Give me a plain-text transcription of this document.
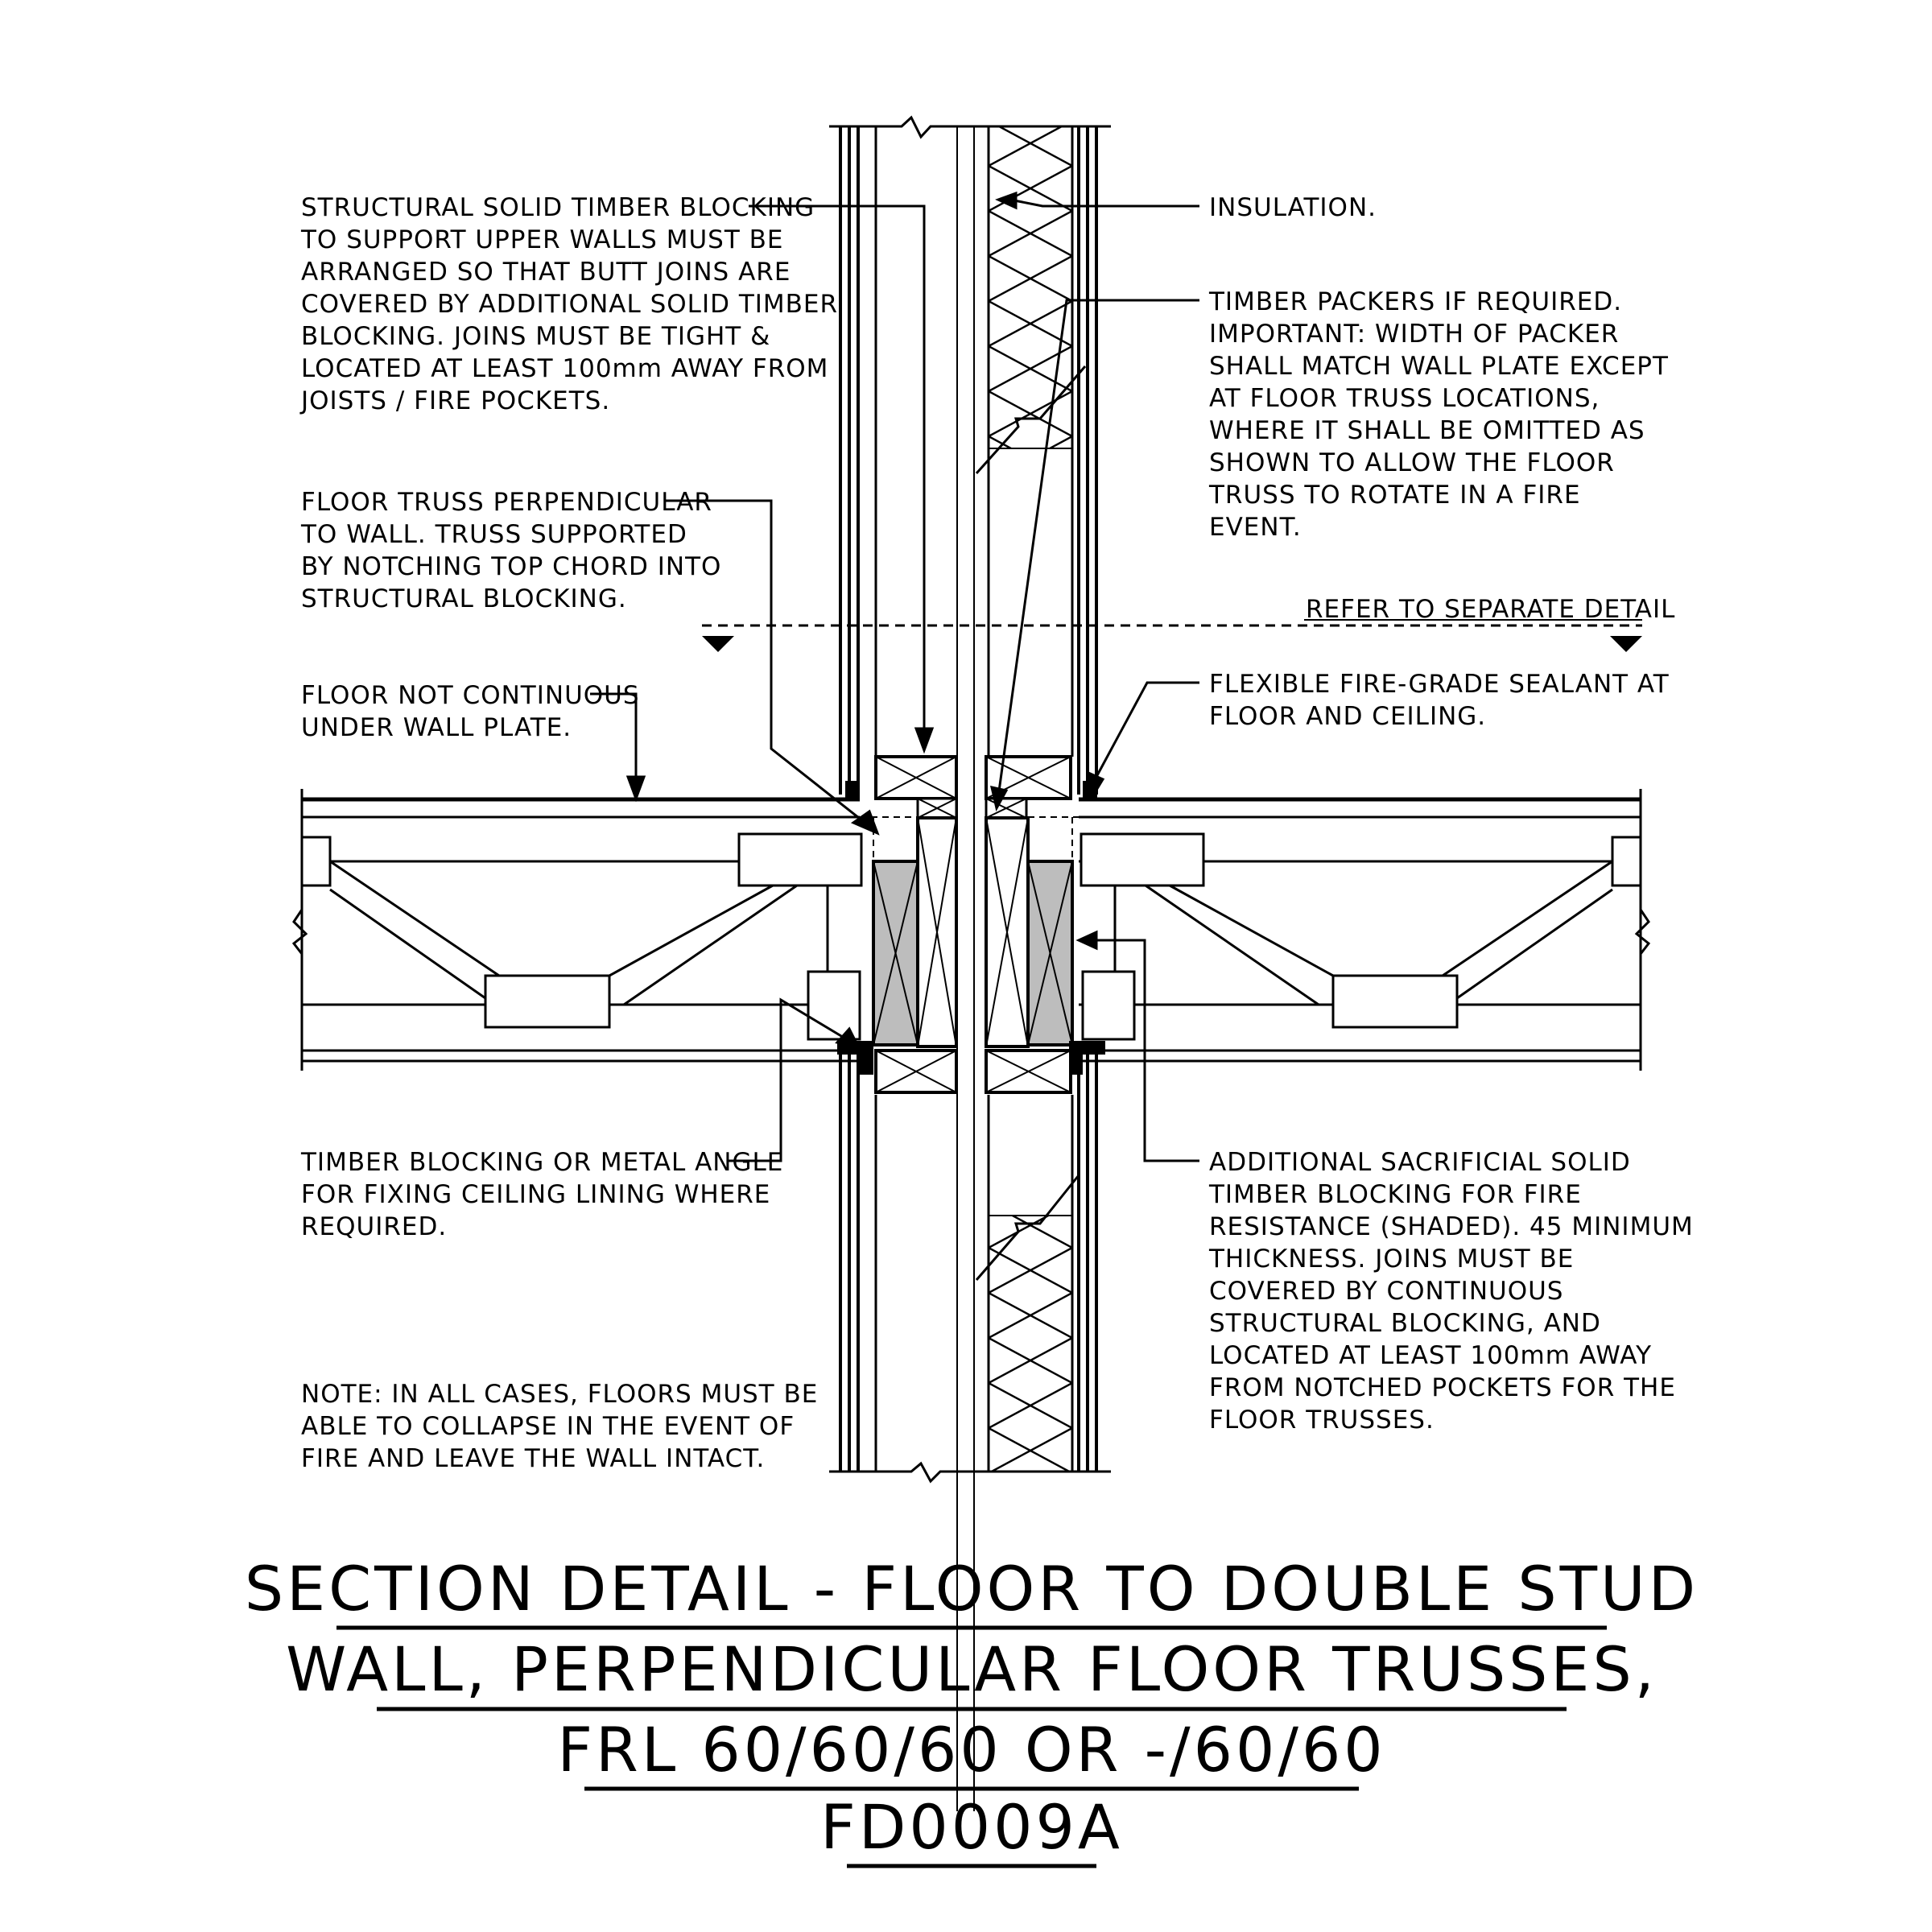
STRUCTURAL SOLID TIMBER BLOCKING TO SUPPORT UPPER WALLS MUST BE ARRANGED SO THAT BUTT JOINS ARE COVERED BY ADDITIONAL SOLID TIMBER BLOCKING. JOINS MUST BE TIGHT & LOCATED AT LEAST 100mm AWAY FROM JOISTS / FIRE POCKETS.
FLOOR TRUSS PERPENDICULAR TO WALL. TRUSS SUPPORTED BY NOTCHING TOP CHORD INTO STRUCTURAL BLOCKING.
FLOOR NOT CONTINUOUS UNDER WALL PLATE.
TIMBER BLOCKING OR METAL ANGLE FOR FIXING CEILING LINING WHERE REQUIRED.
NOTE: IN ALL CASES, FLOORS MUST BE ABLE TO COLLAPSE IN THE EVENT OF FIRE AND LEAVE THE WALL INTACT.
INSULATION.
TIMBER PACKERS IF REQUIRED. IMPORTANT: WIDTH OF PACKER SHALL MATCH WALL PLATE EXCEPT AT FLOOR TRUSS LOCATIONS, WHERE IT SHALL BE OMITTED AS SHOWN TO ALLOW THE FLOOR TRUSS TO ROTATE IN A FIRE EVENT.
REFER TO SEPARATE DETAIL
FLEXIBLE FIRE-GRADE SEALANT AT FLOOR AND CEILING.
ADDITIONAL SACRIFICIAL SOLID TIMBER BLOCKING FOR FIRE RESISTANCE (SHADED). 45 MINIMUM THICKNESS. JOINS MUST BE COVERED BY CONTINUOUS STRUCTURAL BLOCKING, AND LOCATED AT LEAST 100mm AWAY FROM NOTCHED POCKETS FOR THE FLOOR TRUSSES.
SECTION DETAIL - FLOOR TO DOUBLE STUD
WALL, PERPENDICULAR FLOOR TRUSSES,
FRL 60/60/60 OR -/60/60
FD0009A
